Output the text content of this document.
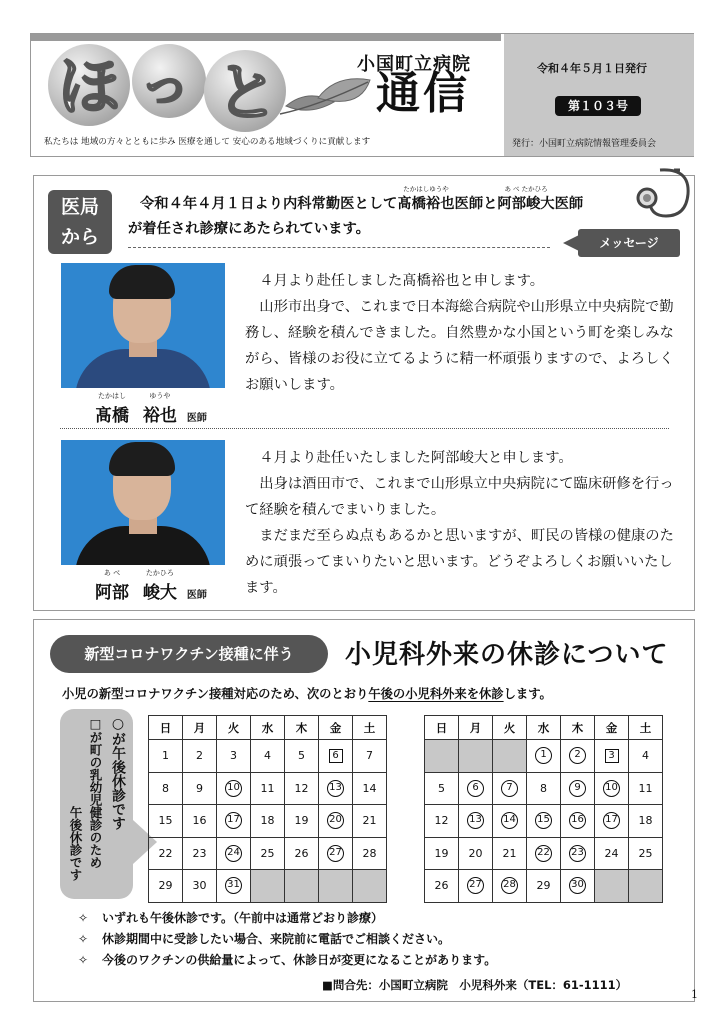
ほ っ と	小国町立病院
通信
私たちは 地域の方々とともに歩み 医療を通して 安心のある地域づくりに貢献します
令和４年５月１日発行
第１０３号
発行：小国町立病院情報管理委員会
医局
から
令和４年４月１日より内科常勤医として
たかはしゆうや
髙橋裕也医師と
あ べ たかひろ
阿部峻大医師
が着任され診療にあたられています。
メッセージ
たかはし
髙橋
ゆうや
裕也 医師

４月より赴任しました髙橋裕也と申します。

山形市出身で、これまで日本海総合病院や山形県立中央病院で勤務し、経験を積んできました。自然豊かな小国という町を楽しみながら、皆様のお役に立てるように精一杯頑張りますので、よろしくお願いします。

あ べ
阿部
たかひろ
峻大 医師

４月より赴任いたしました阿部峻大と申します。

出身は酒田市で、これまで山形県立中央病院にて臨床研修を行って経験を積んでまいりました。

まだまだ至らぬ点もあるかと思いますが、町民の皆様の健康のために頑張ってまいりたいと思います。どうぞよろしくお願いいたします。

新型コロナワクチン接種に伴う	小児科外来の休診について
小児の新型コロナワクチン接種対応のため、次のとおり午後の小児科外来を休診します。
○が午後休診です
□が町の乳幼児健診のため
午後休診です
日	月	火	水	木	金	土
1	2	3	4	5	6	7
8	9	10	11	12	13	14
15	16	17	18	19	20	21
22	23	24	25	26	27	28
29	30	31				
日	月	火	水	木	金	土
			1	2	3	4
5	6	7	8	9	10	11
12	13	14	15	16	17	18
19	20	21	22	23	24	25
26	27	28	29	30		
✧ いずれも午後休診です。（午前中は通常どおり診療）
✧ 休診期間中に受診したい場合、来院前に電話でご相談ください。
✧ 今後のワクチンの供給量によって、休診日が変更になることがあります。
■問合先：小国町立病院　小児科外来（TEL：61-1111）
1
